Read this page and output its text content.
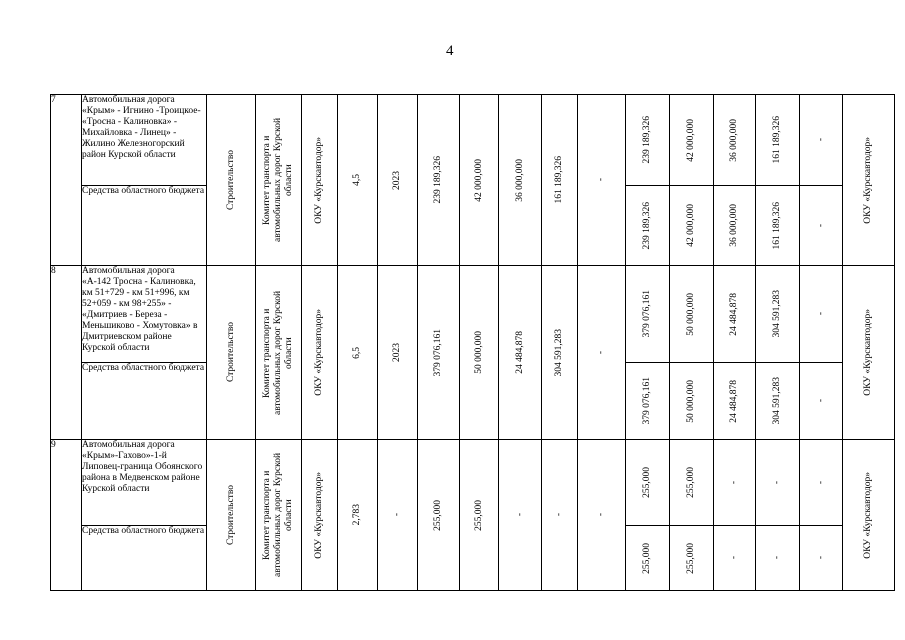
4
7	Автомобильная дорога «Крым» - Игнино -Троицкое- «Тросна - Калиновка» - Михайловка - Линец» - Жилино Железногорский район Курской области	Строительство	Комитет транспорта и автомобильных дорог Курской области	ОКУ «Курскавтодор»	4,5	2023	239 189,326	42 000,000	36 000,000	161 189,326	-	239 189,326	42 000,000	36 000,000	161 189,326	-	ОКУ «Курскавтодор»

	Средства областного бюджета											239 189,326	42 000,000	36 000,000	161 189,326	-	

8	Автомобильная дорога «А-142 Тросна - Калиновка, км 51+729 - км 51+996, км 52+059 - км 98+255» - «Дмитриев - Береза - Меньшиково - Хомутовка» в Дмитриевском районе Курской области	Строительство	Комитет транспорта и автомобильных дорог Курской области	ОКУ «Курскавтодор»	6,5	2023	379 076,161	50 000,000	24 484,878	304 591,283	-	379 076,161	50 000,000	24 484,878	304 591,283	-	ОКУ «Курскавтодор»

	Средства областного бюджета											379 076,161	50 000,000	24 484,878	304 591,283	-	

9	Автомобильная дорога «Крым»-Гахово»-1-й Липовец-граница Обоянского района в Медвенском районе Курской области	Строительство	Комитет транспорта и автомобильных дорог Курской области	ОКУ «Курскавтодор»	2,783	-	255,000	255,000	-	-	-	255,000	255,000	-	-	-	ОКУ «Курскавтодор»

	Средства областного бюджета											255,000	255,000	-	-	-	
